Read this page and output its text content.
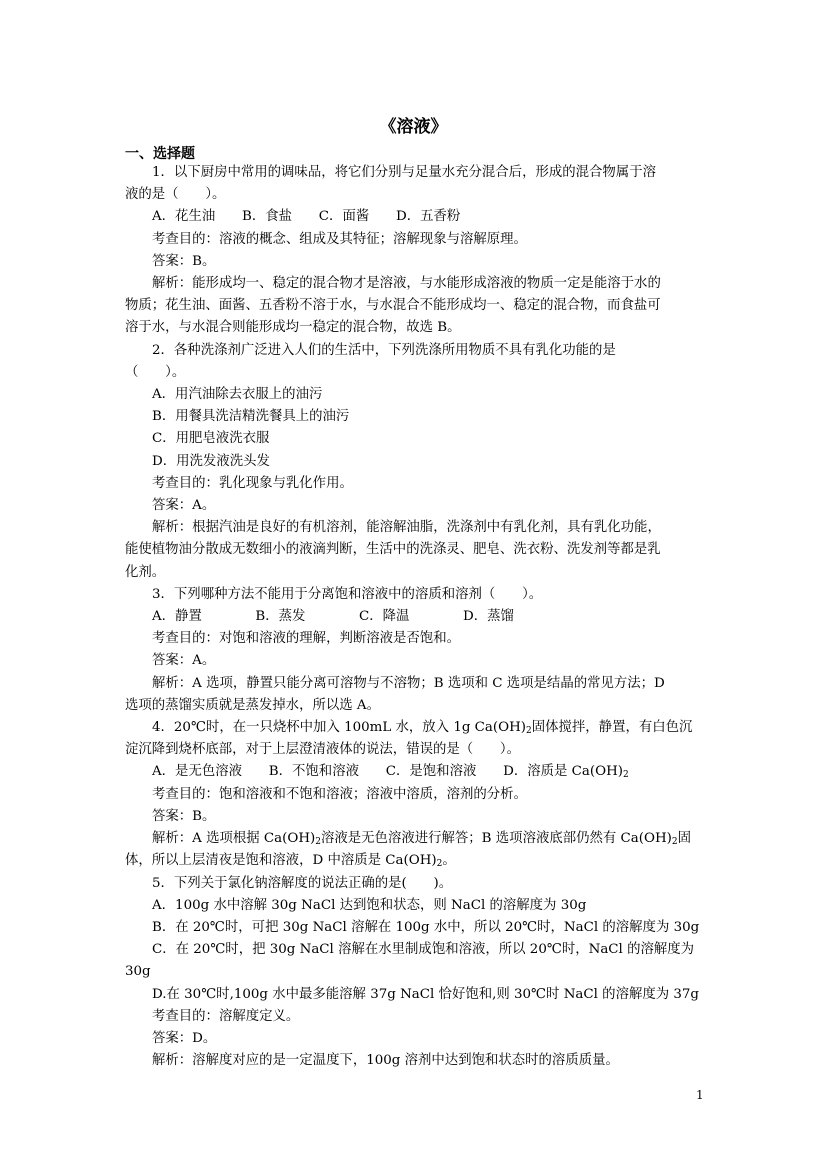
《溶液》
一、选择题

1．以下厨房中常用的调味品，将它们分别与足量水充分混合后，形成的混合物属于溶

液的是（　　）。

A．花生油　　B．食盐　　C．面酱　　D．五香粉

考查目的：溶液的概念、组成及其特征；溶解现象与溶解原理。

答案：B。

解析：能形成均一、稳定的混合物才是溶液，与水能形成溶液的物质一定是能溶于水的

物质；花生油、面酱、五香粉不溶于水，与水混合不能形成均一、稳定的混合物，而食盐可

溶于水，与水混合则能形成均一稳定的混合物，故选 B。

2．各种洗涤剂广泛进入人们的生活中，下列洗涤所用物质不具有乳化功能的是

（　　）。

A．用汽油除去衣服上的油污

B．用餐具洗洁精洗餐具上的油污

C．用肥皂液洗衣服

D．用洗发液洗头发

考查目的：乳化现象与乳化作用。

答案：A。

解析：根据汽油是良好的有机溶剂，能溶解油脂，洗涤剂中有乳化剂，具有乳化功能，

能使植物油分散成无数细小的液滴判断，生活中的洗涤灵、肥皂、洗衣粉、洗发剂等都是乳

化剂。

3．下列哪种方法不能用于分离饱和溶液中的溶质和溶剂（　　）。

A．静置　　　　B．蒸发　　　　C．降温　　　　D．蒸馏

考查目的：对饱和溶液的理解，判断溶液是否饱和。

答案：A。

解析：A 选项，静置只能分离可溶物与不溶物；B 选项和 C 选项是结晶的常见方法；D

选项的蒸馏实质就是蒸发掉水，所以选 A。

4．20℃时，在一只烧杯中加入 100mL 水，放入 1g $Ca(OH)_2$固体搅拌，静置，有白色沉

淀沉降到烧杯底部，对于上层澄清液体的说法，错误的是（　　）。

A．是无色溶液　　B．不饱和溶液　　C．是饱和溶液　　D．溶质是 $Ca(OH)_2$

考查目的：饱和溶液和不饱和溶液；溶液中溶质，溶剂的分析。

答案：B。

解析：A 选项根据 $Ca(OH)_2$溶液是无色溶液进行解答；B 选项溶液底部仍然有 $Ca(OH)_2$固

体，所以上层清夜是饱和溶液，D 中溶质是 $Ca(OH)_2$。

5．下列关于氯化钠溶解度的说法正确的是(　　)。

A．100g 水中溶解 30g NaCl 达到饱和状态，则 NaCl 的溶解度为 30g

B．在 20℃时，可把 30g NaCl 溶解在 100g 水中，所以 20℃时，NaCl 的溶解度为 30g

C．在 20℃时，把 30g NaCl 溶解在水里制成饱和溶液，所以 20℃时，NaCl 的溶解度为

30g

D.在 30℃时,100g 水中最多能溶解 37g NaCl 恰好饱和,则 30℃时 NaCl 的溶解度为 37g

考查目的：溶解度定义。

答案：D。

解析：溶解度对应的是一定温度下，100g 溶剂中达到饱和状态时的溶质质量。

1
